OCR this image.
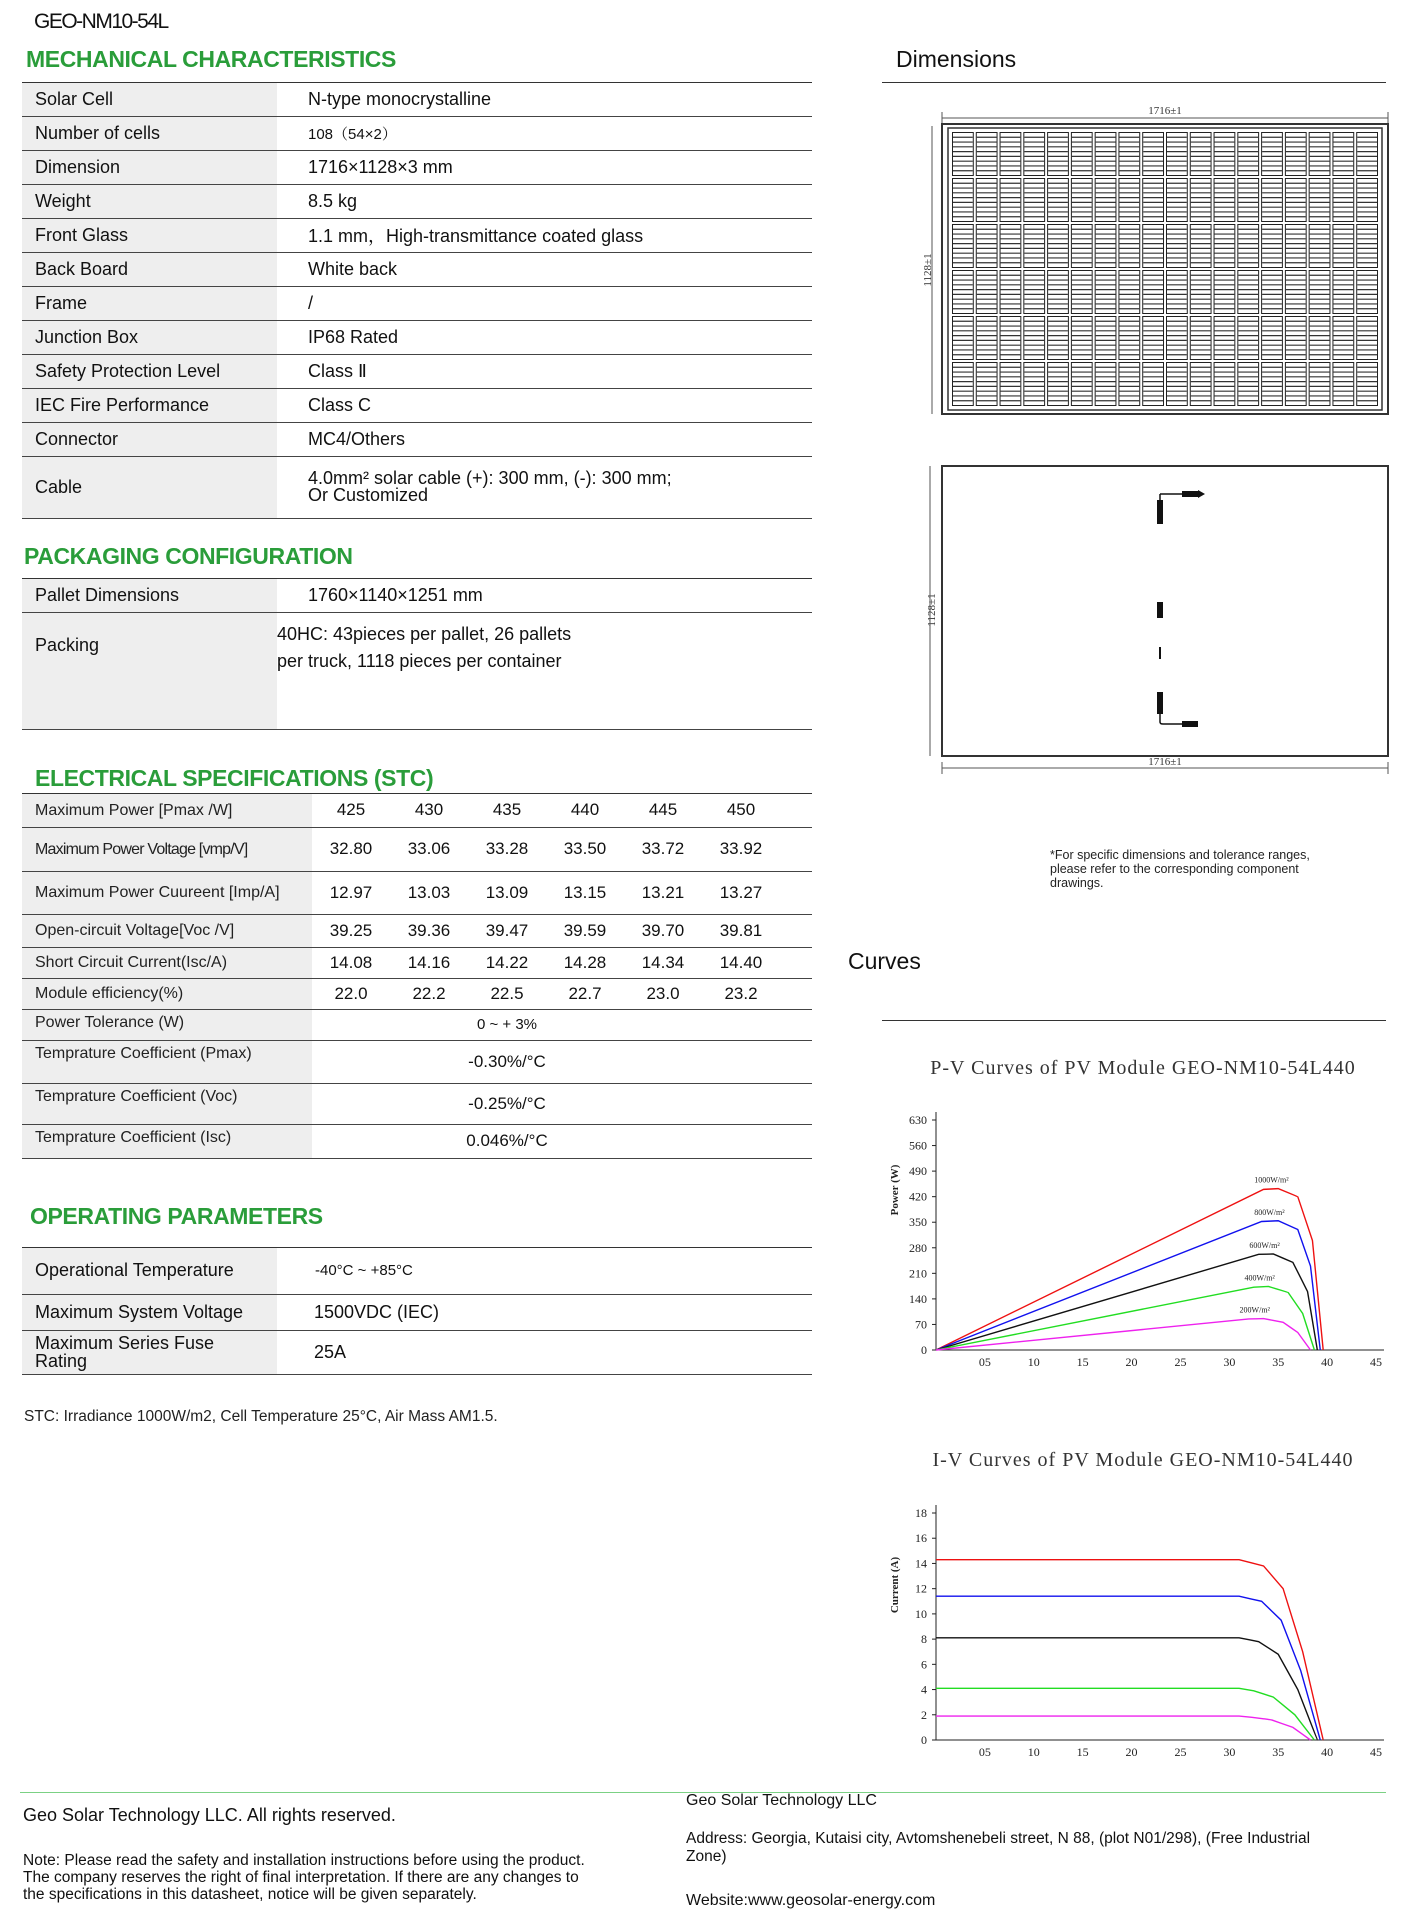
GEO-NM10-54L
MECHANICAL CHARACTERISTICS
Solar Cell	N-type monocrystalline
Number of cells	108（54×2）
Dimension	1716×1128×3 mm
Weight	8.5 kg
Front Glass	1.1 mm，High-transmittance coated glass
Back Board	White back
Frame	/
Junction Box	IP68 Rated
Safety Protection Level	Class Ⅱ
IEC Fire Performance	Class C
Connector	MC4/Others
Cable	4.0mm² solar cable (+): 300 mm, (-): 300 mm;
Or Customized
PACKAGING CONFIGURATION
Pallet Dimensions	1760×1140×1251 mm
Packing	40HC: 43pieces per pallet, 26 pallets
per truck, 1118 pieces per container
ELECTRICAL SPECIFICATIONS (STC)
Maximum Power [Pmax /W]	425	430	435	440	445	450	
Maximum Power Voltage [vmp/V]	32.80	33.06	33.28	33.50	33.72	33.92	
Maximum Power Cuureent [Imp/A]	12.97	13.03	13.09	13.15	13.21	13.27	
Open-circuit Voltage[Voc /V]	39.25	39.36	39.47	39.59	39.70	39.81	
Short Circuit Current(Isc/A)	14.08	14.16	14.22	14.28	14.34	14.40	
Module efficiency(%)	22.0	22.2	22.5	22.7	23.0	23.2	
Power Tolerance (W)	0 ~ + 3%						
Temprature Coefficient (Pmax)	-0.30%/°C						
Temprature Coefficient (Voc)	-0.25%/°C						
Temprature Coefficient (Isc)	0.046%/°C						
OPERATING PARAMETERS
Operational Temperature	-40°C ~ +85°C
Maximum System Voltage	1500VDC (IEC)

Maximum Series Fuse
Rating	25A
STC: Irradiance 1000W/m2, Cell Temperature 25°C, Air Mass AM1.5.
Dimensions
1716±1
1128±1
1128±1
1716±1
*For specific dimensions and tolerance ranges,
please refer to the corresponding component
drawings.
Curves
P-V Curves of PV Module GEO-NM10-54L440
Power (W)
0
70
140
210
280
350
420
490
560
630
05	10	15	20	25	30	35	40	45
1000W/m²
800W/m²
600W/m²
400W/m²
200W/m²
I-V Curves of PV Module GEO-NM10-54L440
Current (A)
0
2
4
6
8
10
12
14
16
18
05	10	15	20	25	30	35	40	45
Geo Solar Technology LLC. All rights reserved.
Note: Please read the safety and installation instructions before using the product.
The company reserves the right of final interpretation. If there are any changes to
the specifications in this datasheet, notice will be given separately.
Geo Solar Technology LLC
Address: Georgia, Kutaisi city, Avtomshenebeli street, N 88, (plot N01/298), (Free Industrial
Zone)
Website:www.geosolar-energy.com
